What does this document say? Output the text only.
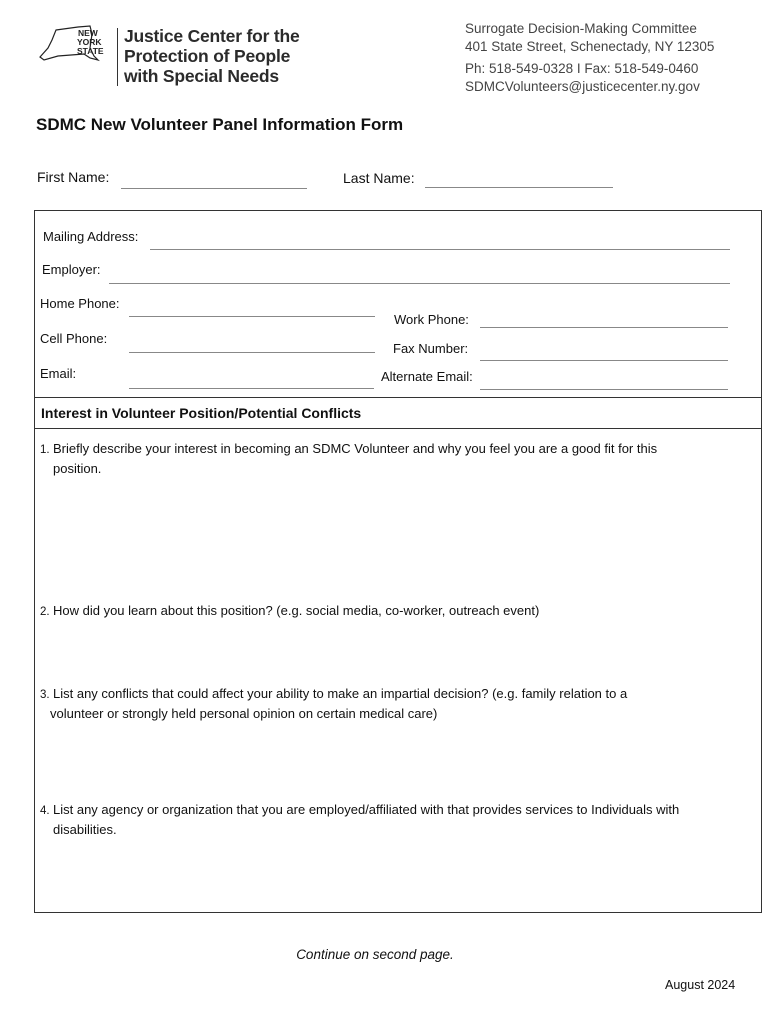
NEW
YORK
STATE
Justice Center for the
Protection of People
with Special Needs
Surrogate Decision-Making Committee
401 State Street, Schenectady, NY 12305
Ph: 518-549-0328 I Fax: 518-549-0460
SDMCVolunteers@justicecenter.ny.gov
SDMC New Volunteer Panel Information Form
First Name:	Last Name:
Mailing Address:
Employer:
Home Phone:
Work Phone:
Cell Phone:
Fax Number:
Email:	Alternate Email:
Interest in Volunteer Position/Potential Conflicts
1. Briefly describe your interest in becoming an SDMC Volunteer and why you feel you are a good fit for this
position.
2. How did you learn about this position? (e.g. social media, co-worker, outreach event)
3. List any conflicts that could affect your ability to make an impartial decision? (e.g. family relation to a
volunteer or strongly held personal opinion on certain medical care)
4. List any agency or organization that you are employed/affiliated with that provides services to Individuals with
disabilities.
Continue on second page.
August 2024
